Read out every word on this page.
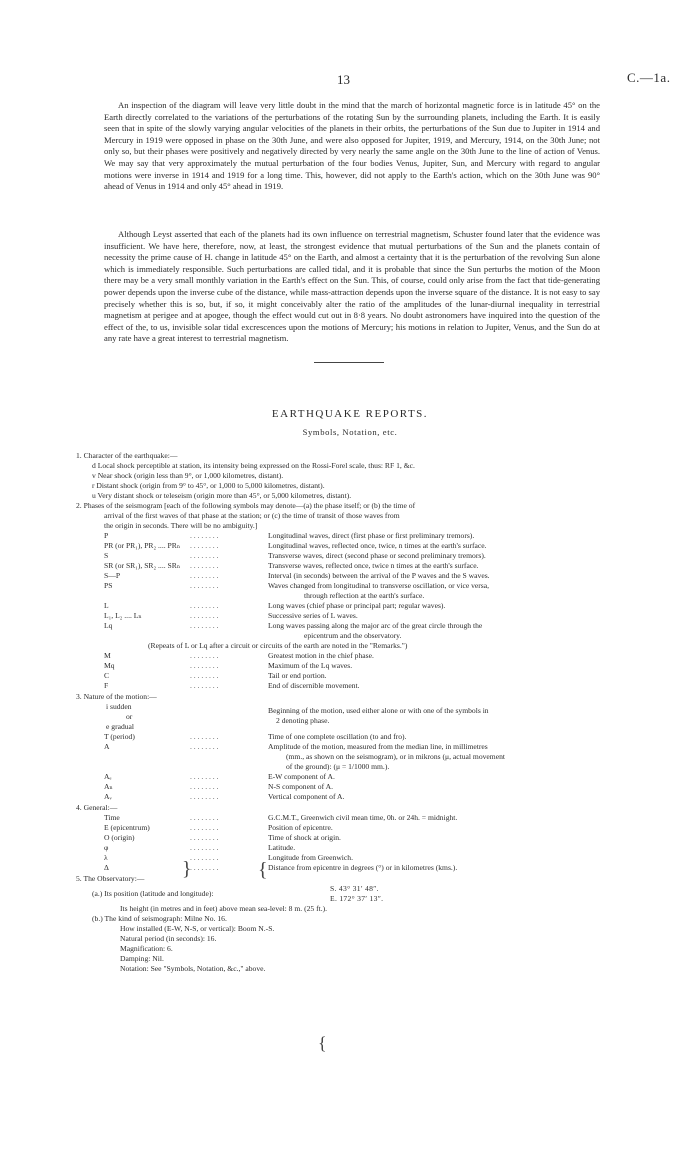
13	C.—1a.

An inspection of the diagram will leave very little doubt in the mind that the march of horizontal magnetic force is in latitude 45° on the Earth directly correlated to the variations of the perturbations of the rotating Sun by the surrounding planets, including the Earth. It is easily seen that in spite of the slowly varying angular velocities of the planets in their orbits, the perturbations of the Sun due to Jupiter in 1914 and Mercury in 1919 were opposed in phase on the 30th June, and were also opposed for Jupiter, 1919, and Mercury, 1914, on the 30th June; not only so, but their phases were positively and negatively directed by very nearly the same angle on the 30th June to the line of action of Venus. We may say that very approximately the mutual perturbation of the four bodies Venus, Jupiter, Sun, and Mercury with regard to angular motions were inverse in 1914 and 1919 for a long time. This, however, did not apply to the Earth's action, which on the 30th June was 90° ahead of Venus in 1914 and only 45° ahead in 1919.

Although Leyst asserted that each of the planets had its own influence on terrestrial magnetism, Schuster found later that the evidence was insufficient. We have here, therefore, now, at least, the strongest evidence that mutual perturbations of the Sun and the planets contain of necessity the prime cause of H. change in latitude 45° on the Earth, and almost a certainty that it is the perturbation of the revolving Sun alone which is immediately responsible. Such perturbations are called tidal, and it is probable that since the Sun perturbs the motion of the Moon there may be a very small monthly variation in the Earth's effect on the Sun. This, of course, could only arise from the fact that tide-generating power depends upon the inverse cube of the distance, while mass-attraction depends upon the inverse square of the distance. It is not easy to say precisely whether this is so, but, if so, it might conceivably alter the ratio of the amplitudes of the lunar-diurnal inequality in terrestrial magnetism at perigee and at apogee, though the effect would cut out in 8·8 years. No doubt astronomers have inquired into the question of the effect of the, to us, invisible solar tidal excrescences upon the motions of Mercury; his motions in relation to Jupiter, Venus, and the Sun do at any rate have a great interest to terrestrial magnetism.

EARTHQUAKE REPORTS.
Symbols, Notation, etc.
1. Character of the earthquake:—
d Local shock perceptible at station, its intensity being expressed on the Rossi-Forel scale, thus: RF 1, &c.
v Near shock (origin less than 9°, or 1,000 kilometres, distant).
r Distant shock (origin from 9° to 45°, or 1,000 to 5,000 kilometres, distant).
u Very distant shock or teleseism (origin more than 45°, or 5,000 kilometres, distant).
2. Phases of the seismogram [each of the following symbols may denote—(a) the phase itself; or (b) the time of
arrival of the first waves of that phase at the station; or (c) the time of transit of those waves from
the origin in seconds. There will be no ambiguity.]
P	Longitudinal waves, direct (first phase or first preliminary tremors).
PR (or PR₁), PR₂ .... PRₙ	Longitudinal waves, reflected once, twice, n times at the earth's surface.
S	Transverse waves, direct (second phase or second preliminary tremors).
SR (or SR₁), SR₂ .... SRₙ	Transverse waves, reflected once, twice n times at the earth's surface.
S—P	Interval (in seconds) between the arrival of the P waves and the S waves.
PS	Waves changed from longitudinal to transverse oscillation, or vice versa,
through reflection at the earth's surface.
L	Long waves (chief phase or principal part; regular waves).
L₁, L₂ .... Lₙ	Successive series of L waves.
Lq	Long waves passing along the major arc of the great circle through the
epicentrum and the observatory.
(Repeats of L or Lq after a circuit or circuits of the earth are noted in the "Remarks.")
M	Greatest motion in the chief phase.
Mq	Maximum of the Lq waves.
C	Tail or end portion.
F	End of discernible movement.
3. Nature of the motion:—
i sudden
or
e gradual
Beginning of the motion, used either alone or with one of the symbols in
2 denoting phase.
T (period)	Time of one complete oscillation (to and fro).
A	Amplitude of the motion, measured from the median line, in millimetres
(mm., as shown on the seismogram), or in mikrons (μ, actual movement
of the ground): (μ = 1/1000 mm.).
Aₑ	E-W component of A.
Aₙ	N-S component of A.
Aᵥ	Vertical component of A.
4. General:—
Time	G.C.M.T., Greenwich civil mean time, 0h. or 24h. = midnight.
E (epicentrum)	Position of epicentre.
O (origin)	Time of shock at origin.
φ	Latitude.
λ	Longitude from Greenwich.
Δ	Distance from epicentre in degrees (°) or in kilometres (kms.).
5. The Observatory:—
(a.) Its position (latitude and longitude):
S. 43° 31′ 48″.
E. 172° 37′ 13″.
Its height (in metres and in feet) above mean sea-level: 8 m. (25 ft.).
(b.) The kind of seismograph: Milne No. 16.
How installed (E-W, N-S, or vertical): Boom N.-S.
Natural period (in seconds): 16.
Magnification: 6.
Damping: Nil.
Notation: See "Symbols, Notation, &c.," above.
. . . . . . . .
. . . . . . . .
. . . . . . . .
. . . . . . . .
. . . . . . . .
. . . . . . . .
. . . . . . . .
. . . . . . . .
. . . . . . . .
. . . . . . . .
. . . . . . . .
. . . . . . . .
. . . . . . . .
. . . . . . . .
. . . . . . . .
. . . . . . . .
. . . . . . . .
. . . . . . . .
. . . . . . . .
. . . . . . . .
. . . . . . . .
. . . . . . . .
. . . . . . . .
. . . . . . . .
}	{
{
